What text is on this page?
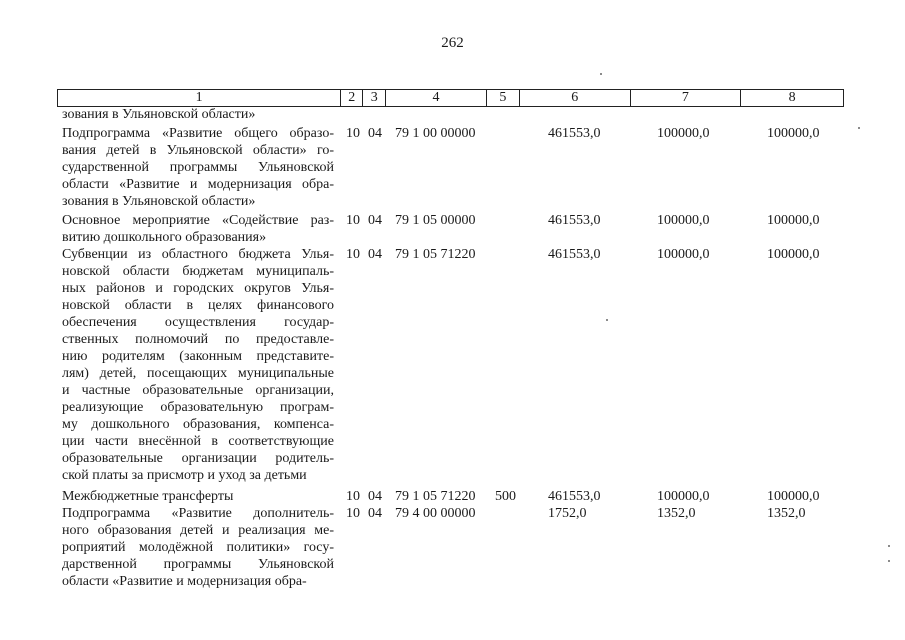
262
1	2	3	4	5	6	7	8
зования в Ульяновской области»
Подпрограмма «Развитие общего образо-
вания детей в Ульяновской области» го-
сударственной программы Ульяновской
области «Развитие и модернизация обра-
зования в Ульяновской области»
10 04 79 1 00 00000	461553,0	100000,0	100000,0
Основное мероприятие «Содействие раз-
витию дошкольного образования»
10 04 79 1 05 00000	461553,0	100000,0	100000,0
Субвенции из областного бюджета Улья-
новской области бюджетам муниципаль-
ных районов и городских округов Улья-
новской области в целях финансового
обеспечения осуществления государ-
ственных полномочий по предоставле-
нию родителям (законным представите-
лям) детей, посещающих муниципальные
и частные образовательные организации,
реализующие образовательную програм-
му дошкольного образования, компенса-
ции части внесённой в соответствующие
образовательные организации родитель-
ской платы за присмотр и уход за детьми
10 04 79 1 05 71220	461553,0	100000,0	100000,0
Межбюджетные трансферты	10 04 79 1 05 71220 500 461553,0	100000,0	100000,0
Подпрограмма «Развитие дополнитель-
ного образования детей и реализация ме-
роприятий молодёжной политики» госу-
дарственной программы Ульяновской
области «Развитие и модернизация обра-
10 04 79 4 00 00000	1752,0	1352,0	1352,0
